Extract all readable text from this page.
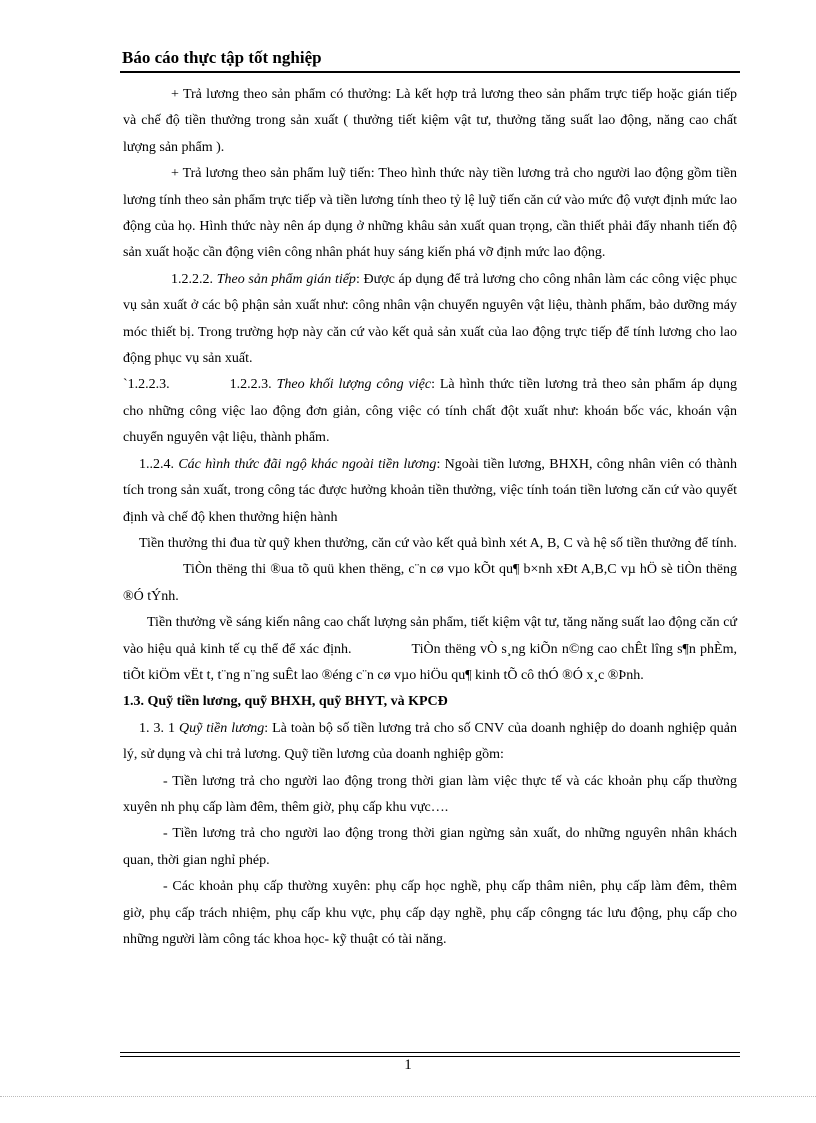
Báo cáo thực tập tốt nghiệp

+ Trả lương theo sản phẩm có thưởng: Là kết hợp trả lương theo sản phẩm trực tiếp hoặc gián tiếp và chế độ tiền thưởng trong sản xuất ( thưởng tiết kiệm vật tư, thưởng tăng suất lao động, năng cao chất lượng sản phẩm ).

+ Trả lương theo sản phẩm luỹ tiến: Theo hình thức này tiền lương trả cho người lao động gồm tiền lương tính theo sản phẩm trực tiếp và tiền lương tính theo tỷ lệ luỹ tiến căn cứ vào mức độ vượt định mức lao động của họ. Hình thức này nên áp dụng ở những khâu sản xuất quan trọng, cần thiết phải đẩy nhanh tiến độ sản xuất hoặc cần động viên công nhân phát huy sáng kiến phá vỡ định mức lao động.

1.2.2.2. Theo sản phẩm gián tiếp: Được áp dụng để trả lương cho công nhân làm các công việc phục vụ sản xuất ở các bộ phận sản xuất như: công nhân vận chuyển nguyên vật liệu, thành phẩm, bảo dưỡng máy móc thiết bị. Trong trường hợp này căn cứ vào kết quả sản xuất của lao động trực tiếp để tính lương cho lao động phục vụ sản xuất.

`1.2.2.3.	1.2.2.3. Theo khối lượng công việc: Là hình thức tiền lương trả theo sản phẩm áp dụng cho những công việc lao động đơn giản, công việc có tính chất đột xuất như: khoán bốc vác, khoán vận chuyển nguyên vật liệu, thành phẩm.

1..2.4. Các hình thức đãi ngộ khác ngoài tiền lương: Ngoài tiền lương, BHXH, công nhân viên có thành tích trong sản xuất, trong công tác được hưởng khoản tiền thưởng, việc tính toán tiền lương căn cứ vào quyết định và chế độ khen thưởng hiện hành

Tiền thưởng thi đua từ quỹ khen thưởng, căn cứ vào kết quả bình xét A, B, C và hệ số tiền thưởng để tính.TiÒn thëng thi ®ua tõ quü khen thëng, c¨n cø vµo kÕt qu¶ b×nh xÐt A,B,C vµ hÖ sè tiÒn thëng ®Ó tÝnh.

Tiền thưởng về sáng kiến nâng cao chất lượng sản phẩm, tiết kiệm vật tư, tăng năng suất lao động căn cứ vào hiệu quả kinh tế cụ thể để xác định.	TiÒn thëng vÒ s¸ng kiÕn n©ng cao chÊt lîng s¶n phÈm, tiÕt kiÖm vËt t, t¨ng n¨ng suÊt lao ®éng c¨n cø vµo hiÖu qu¶ kinh tÕ cô thÓ ®Ó x¸c ®Þnh.

1.3. Quỹ tiền lương, quỹ BHXH, quỹ BHYT, và KPCĐ

1. 3. 1 Quỹ tiền lương: Là toàn bộ số tiền lương trả cho số CNV của doanh nghiệp do doanh nghiệp quản lý, sử dụng và chi trả lương. Quỹ tiền lương của doanh nghiệp gồm:

- Tiền lương trả cho người lao động trong thời gian làm việc thực tế và các khoản phụ cấp thường xuyên nh phụ cấp làm đêm, thêm giờ, phụ cấp khu vực….

- Tiền lương trả cho người lao động trong thời gian ngừng sản xuất, do những nguyên nhân khách quan, thời gian nghỉ phép.

- Các khoản phụ cấp thường xuyên: phụ cấp học nghề, phụ cấp thâm niên, phụ cấp làm đêm, thêm giờ, phụ cấp trách nhiệm, phụ cấp khu vực, phụ cấp dạy nghề, phụ cấp côngng tác lưu động, phụ cấp cho những người làm công tác khoa học- kỹ thuật có tài năng.

1
